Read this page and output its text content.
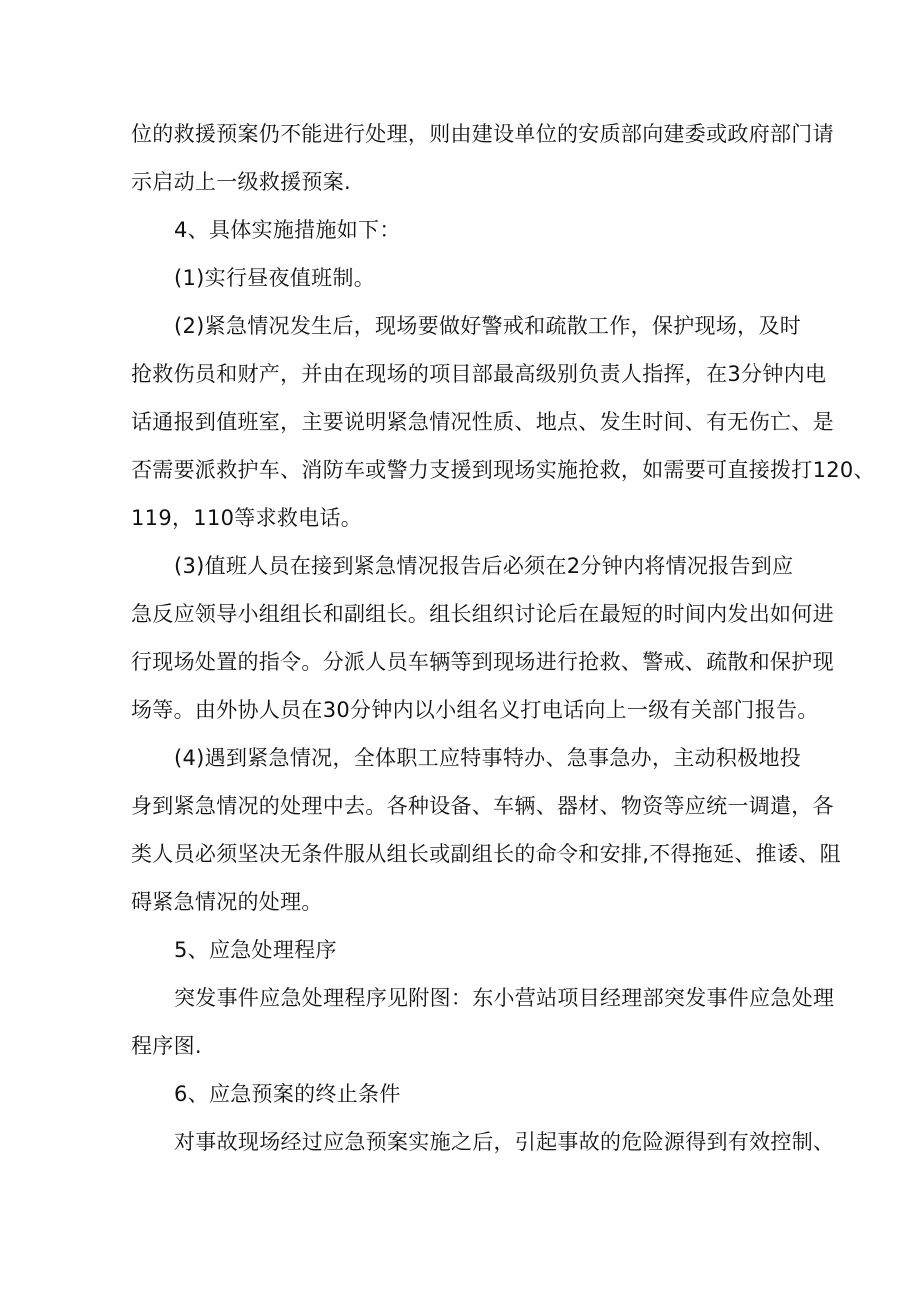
位的救援预案仍不能进行处理，则由建设单位的安质部向建委或政府部门请
示启动上一级救援预案.
4、具体实施措施如下：
(1)实行昼夜值班制。
(2)紧急情况发生后，现场要做好警戒和疏散工作，保护现场，及时
抢救伤员和财产，并由在现场的项目部最高级别负责人指挥，在3分钟内电
话通报到值班室，主要说明紧急情况性质、地点、发生时间、有无伤亡、是
否需要派救护车、消防车或警力支援到现场实施抢救，如需要可直接拨打120、
119，110等求救电话。
(3)值班人员在接到紧急情况报告后必须在2分钟内将情况报告到应
急反应领导小组组长和副组长。组长组织讨论后在最短的时间内发出如何进
行现场处置的指令。分派人员车辆等到现场进行抢救、警戒、疏散和保护现
场等。由外协人员在30分钟内以小组名义打电话向上一级有关部门报告。
(4)遇到紧急情况，全体职工应特事特办、急事急办，主动积极地投
身到紧急情况的处理中去。各种设备、车辆、器材、物资等应统一调遣，各
类人员必须坚决无条件服从组长或副组长的命令和安排,不得拖延、推诿、阻
碍紧急情况的处理。
5、应急处理程序
突发事件应急处理程序见附图：东小营站项目经理部突发事件应急处理
程序图.
6、应急预案的终止条件
对事故现场经过应急预案实施之后，引起事故的危险源得到有效控制、
